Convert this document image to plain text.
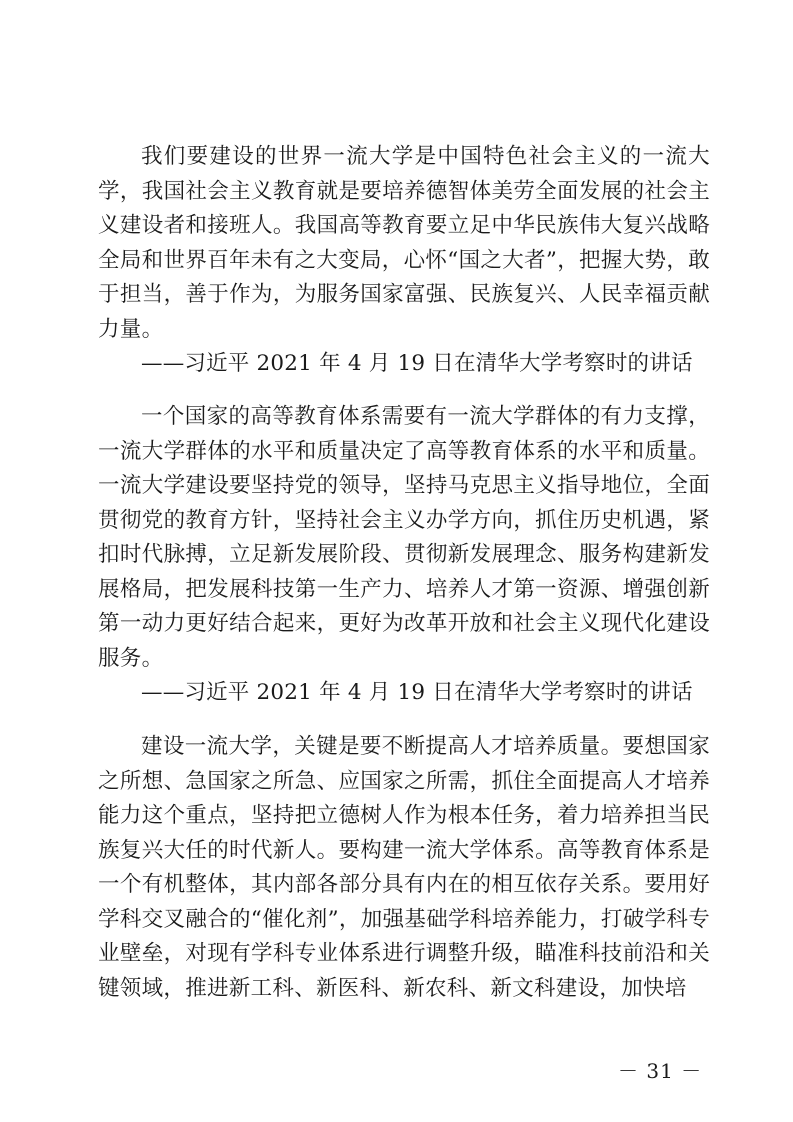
我们要建设的世界一流大学是中国特色社会主义的一流大学，我国社会主义教育就是要培养德智体美劳全面发展的社会主义建设者和接班人。我国高等教育要立足中华民族伟大复兴战略全局和世界百年未有之大变局，心怀“国之大者”，把握大势，敢于担当，善于作为，为服务国家富强、民族复兴、人民幸福贡献力量。

——习近平 2021 年 4 月 19 日在清华大学考察时的讲话

一个国家的高等教育体系需要有一流大学群体的有力支撑，一流大学群体的水平和质量决定了高等教育体系的水平和质量。一流大学建设要坚持党的领导，坚持马克思主义指导地位，全面贯彻党的教育方针，坚持社会主义办学方向，抓住历史机遇，紧扣时代脉搏，立足新发展阶段、贯彻新发展理念、服务构建新发展格局，把发展科技第一生产力、培养人才第一资源、增强创新第一动力更好结合起来，更好为改革开放和社会主义现代化建设服务。

——习近平 2021 年 4 月 19 日在清华大学考察时的讲话

建设一流大学，关键是要不断提高人才培养质量。要想国家之所想、急国家之所急、应国家之所需，抓住全面提高人才培养能力这个重点，坚持把立德树人作为根本任务，着力培养担当民族复兴大任的时代新人。要构建一流大学体系。高等教育体系是一个有机整体，其内部各部分具有内在的相互依存关系。要用好学科交叉融合的“催化剂”，加强基础学科培养能力，打破学科专业壁垒，对现有学科专业体系进行调整升级，瞄准科技前沿和关键领域，推进新工科、新医科、新农科、新文科建设，加快培

－ 31 －
